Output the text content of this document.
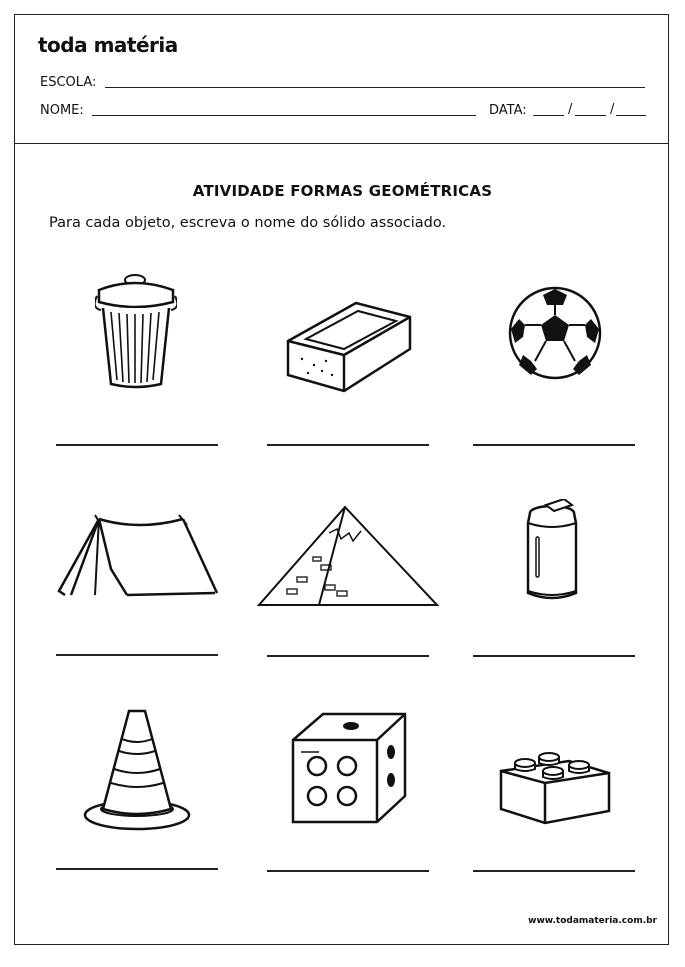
toda matéria
ESCOLA:
NOME:	DATA:	/	/
ATIVIDADE FORMAS GEOMÉTRICAS
Para cada objeto, escreva o nome do sólido associado.
www.todamateria.com.br
